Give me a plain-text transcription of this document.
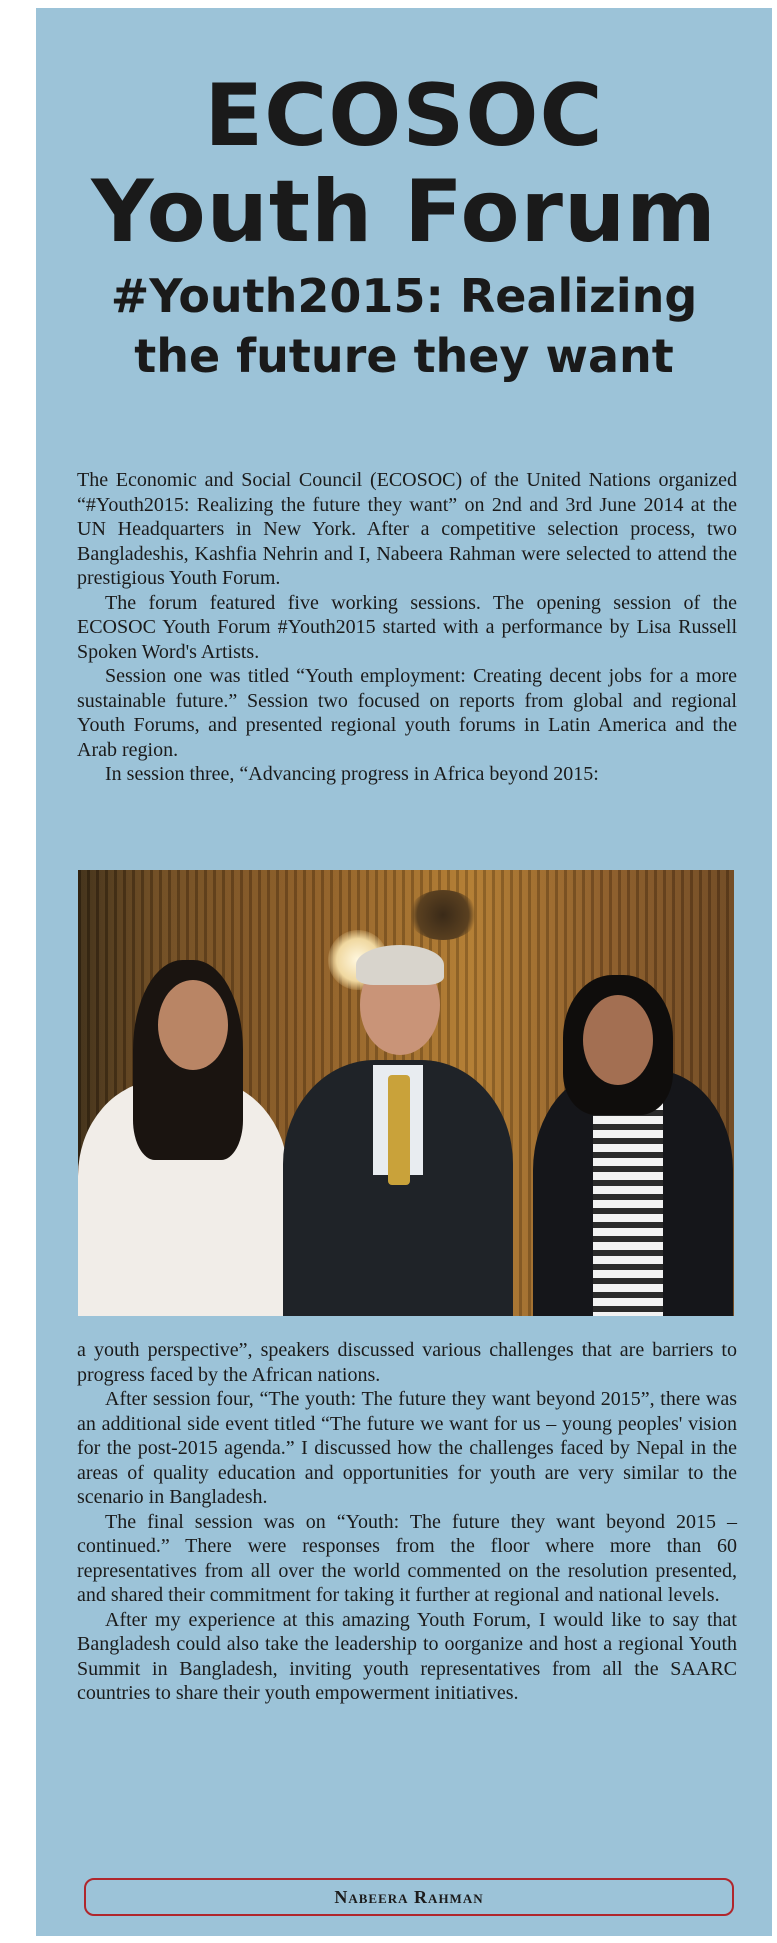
ECOSOC
Youth Forum
#Youth2015: Realizing
the future they want

The Economic and Social Council (ECOSOC) of the United Nations organized “#Youth2015: Realizing the future they want” on 2nd and 3rd June 2014 at the UN Headquarters in New York. After a competitive selection process, two Bangladeshis, Kashfia Nehrin and I, Nabeera Rahman were selected to attend the prestigious Youth Forum.

The forum featured five working sessions. The opening session of the ECOSOC Youth Forum #Youth2015 started with a performance by Lisa Russell Spoken Word's Artists.

Session one was titled “Youth employment: Creating decent jobs for a more sustainable future.” Session two focused on reports from global and regional Youth Forums, and presented regional youth forums in Latin America and the Arab region.

In session three, “Advancing progress in Africa beyond 2015:

a youth perspective”, speakers discussed various challenges that are barriers to progress faced by the African nations.

After session four, “The youth: The future they want beyond 2015”, there was an additional side event titled “The future we want for us – young peoples' vision for the post-2015 agenda.” I discussed how the challenges faced by Nepal in the areas of quality education and opportunities for youth are very similar to the scenario in Bangladesh.

The final session was on “Youth: The future they want beyond 2015 – continued.” There were responses from the floor where more than 60 representatives from all over the world commented on the resolution presented, and shared their commitment for taking it further at regional and national levels.

After my experience at this amazing Youth Forum, I would like to say that Bangladesh could also take the leadership to oorganize and host a regional Youth Summit in Bangladesh, inviting youth representatives from all the SAARC countries to share their youth empowerment initiatives.

Nabeera Rahman
